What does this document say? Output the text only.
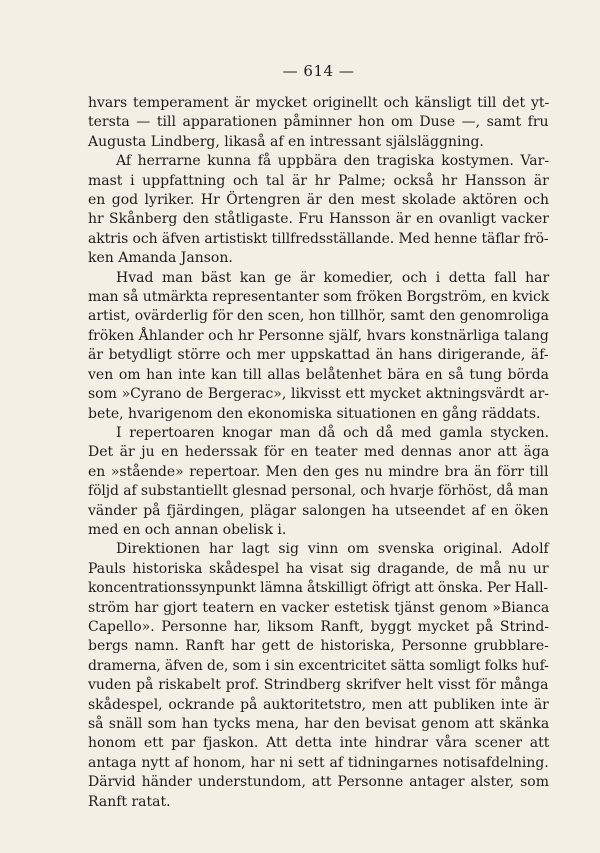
— 614 —

hvars temperament är mycket originellt och känsligt till det yt-
tersta — till apparationen påminner hon om Duse —, samt fru
Augusta Lindberg, likaså af en intressant själsläggning.

Af herrarne kunna få uppbära den tragiska kostymen. Var-
mast i uppfattning och tal är hr Palme; också hr Hansson är
en god lyriker. Hr Örtengren är den mest skolade aktören och
hr Skånberg den ståtligaste. Fru Hansson är en ovanligt vacker
aktris och äfven artistiskt tillfredsställande. Med henne täflar frö-
ken Amanda Janson.

Hvad man bäst kan ge är komedier, och i detta fall har
man så utmärkta representanter som fröken Borgström, en kvick
artist, ovärderlig för den scen, hon tillhör, samt den genomroliga
fröken Åhlander och hr Personne själf, hvars konstnärliga talang
är betydligt större och mer uppskattad än hans dirigerande, äf-
ven om han inte kan till allas belåtenhet bära en så tung börda
som »Cyrano de Bergerac», likvisst ett mycket aktningsvärdt ar-
bete, hvarigenom den ekonomiska situationen en gång räddats.

I repertoaren knogar man då och då med gamla stycken.
Det är ju en hederssak för en teater med dennas anor att äga
en »stående» repertoar. Men den ges nu mindre bra än förr till
följd af substantiellt glesnad personal, och hvarje förhöst, då man
vänder på fjärdingen, plägar salongen ha utseendet af en öken
med en och annan obelisk i.

Direktionen har lagt sig vinn om svenska original. Adolf
Pauls historiska skådespel ha visat sig dragande, de må nu ur
koncentrationssynpunkt lämna åtskilligt öfrigt att önska. Per Hall-
ström har gjort teatern en vacker estetisk tjänst genom »Bianca
Capello». Personne har, liksom Ranft, byggt mycket på Strind-
bergs namn. Ranft har gett de historiska, Personne grubblare-
dramerna, äfven de, som i sin excentricitet sätta somligt folks huf-
vuden på riskabelt prof. Strindberg skrifver helt visst för många
skådespel, ockrande på auktoritetstro, men att publiken inte är
så snäll som han tycks mena, har den bevisat genom att skänka
honom ett par fjaskon. Att detta inte hindrar våra scener att
antaga nytt af honom, har ni sett af tidningarnes notisafdelning.
Därvid händer understundom, att Personne antager alster, som
Ranft ratat.
